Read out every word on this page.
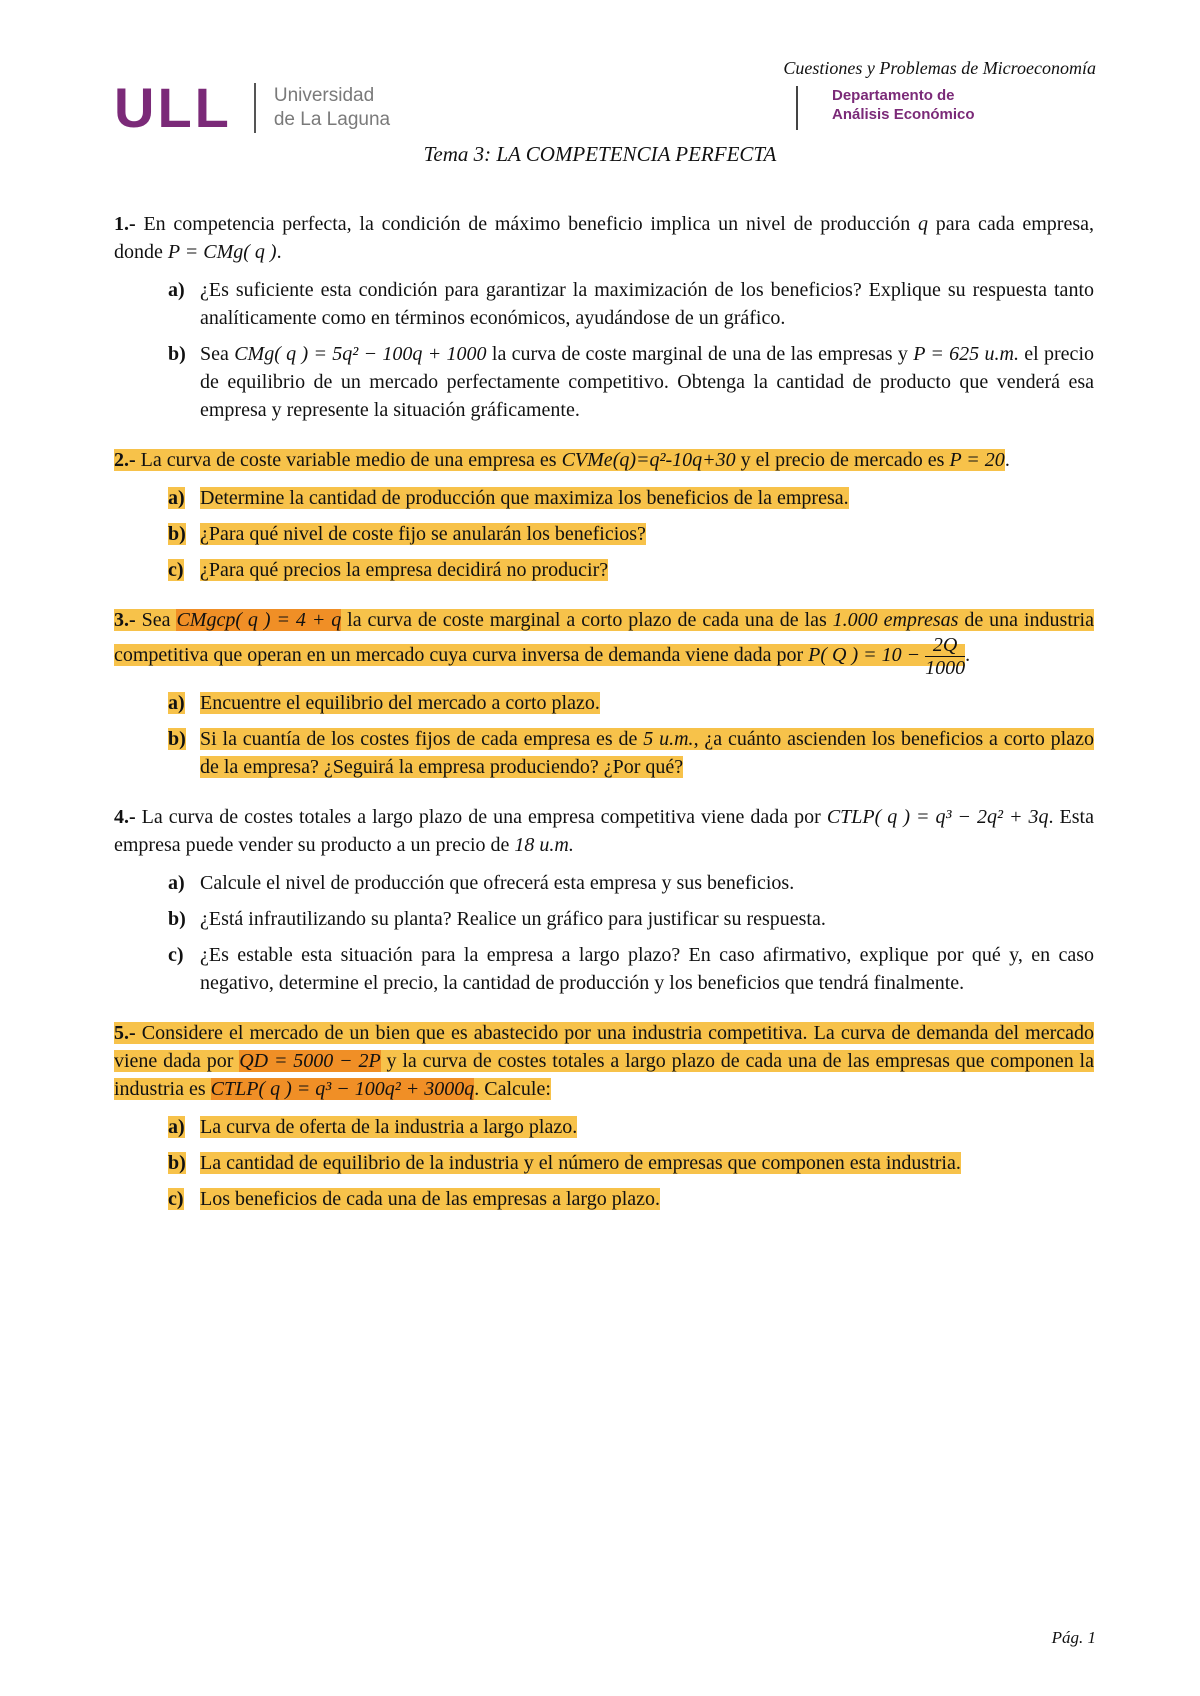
ULL Universidad
de La Laguna
Cuestiones y Problemas de Microeconomía
Departamento de
Análisis Económico
Tema 3: LA COMPETENCIA PERFECTA

1.- En competencia perfecta, la condición de máximo beneficio implica un nivel de producción q para cada empresa, donde P = CMg( q ).

a) ¿Es suficiente esta condición para garantizar la maximización de los beneficios? Explique su respuesta tanto analíticamente como en términos económicos, ayudándose de un gráfico.
b) Sea CMg( q ) = 5q² − 100q + 1000 la curva de coste marginal de una de las empresas y P = 625 u.m. el precio de equilibrio de un mercado perfectamente competitivo. Obtenga la cantidad de producto que venderá esa empresa y represente la situación gráficamente.

2.- La curva de coste variable medio de una empresa es CVMe(q)=q²-10q+30 y el precio de mercado es P = 20.

a) Determine la cantidad de producción que maximiza los beneficios de la empresa.
b) ¿Para qué nivel de coste fijo se anularán los beneficios?
c) ¿Para qué precios la empresa decidirá no producir?

3.- Sea CMgcp( q ) = 4 + q la curva de coste marginal a corto plazo de cada una de las 1.000 empresas de una industria competitiva que operan en un mercado cuya curva inversa de demanda viene dada por P( Q ) = $10 - \frac{2Q}{1000}$ .

a) Encuentre el equilibrio del mercado a corto plazo.
b) Si la cuantía de los costes fijos de cada empresa es de 5 u.m., ¿a cuánto ascienden los beneficios a corto plazo de la empresa? ¿Seguirá la empresa produciendo? ¿Por qué?

4.- La curva de costes totales a largo plazo de una empresa competitiva viene dada por CTLP( q ) = q³ − 2q² + 3q. Esta empresa puede vender su producto a un precio de 18 u.m.

a) Calcule el nivel de producción que ofrecerá esta empresa y sus beneficios.
b) ¿Está infrautilizando su planta? Realice un gráfico para justificar su respuesta.
c) ¿Es estable esta situación para la empresa a largo plazo? En caso afirmativo, explique por qué y, en caso negativo, determine el precio, la cantidad de producción y los beneficios que tendrá finalmente.

5.- Considere el mercado de un bien que es abastecido por una industria competitiva. La curva de demanda del mercado viene dada por QD = 5000 − 2P y la curva de costes totales a largo plazo de cada una de las empresas que componen la industria es CTLP( q ) = q³ − 100q² + 3000q. Calcule:

a) La curva de oferta de la industria a largo plazo.
b) La cantidad de equilibrio de la industria y el número de empresas que componen esta industria.
c) Los beneficios de cada una de las empresas a largo plazo.
Pág. 1
